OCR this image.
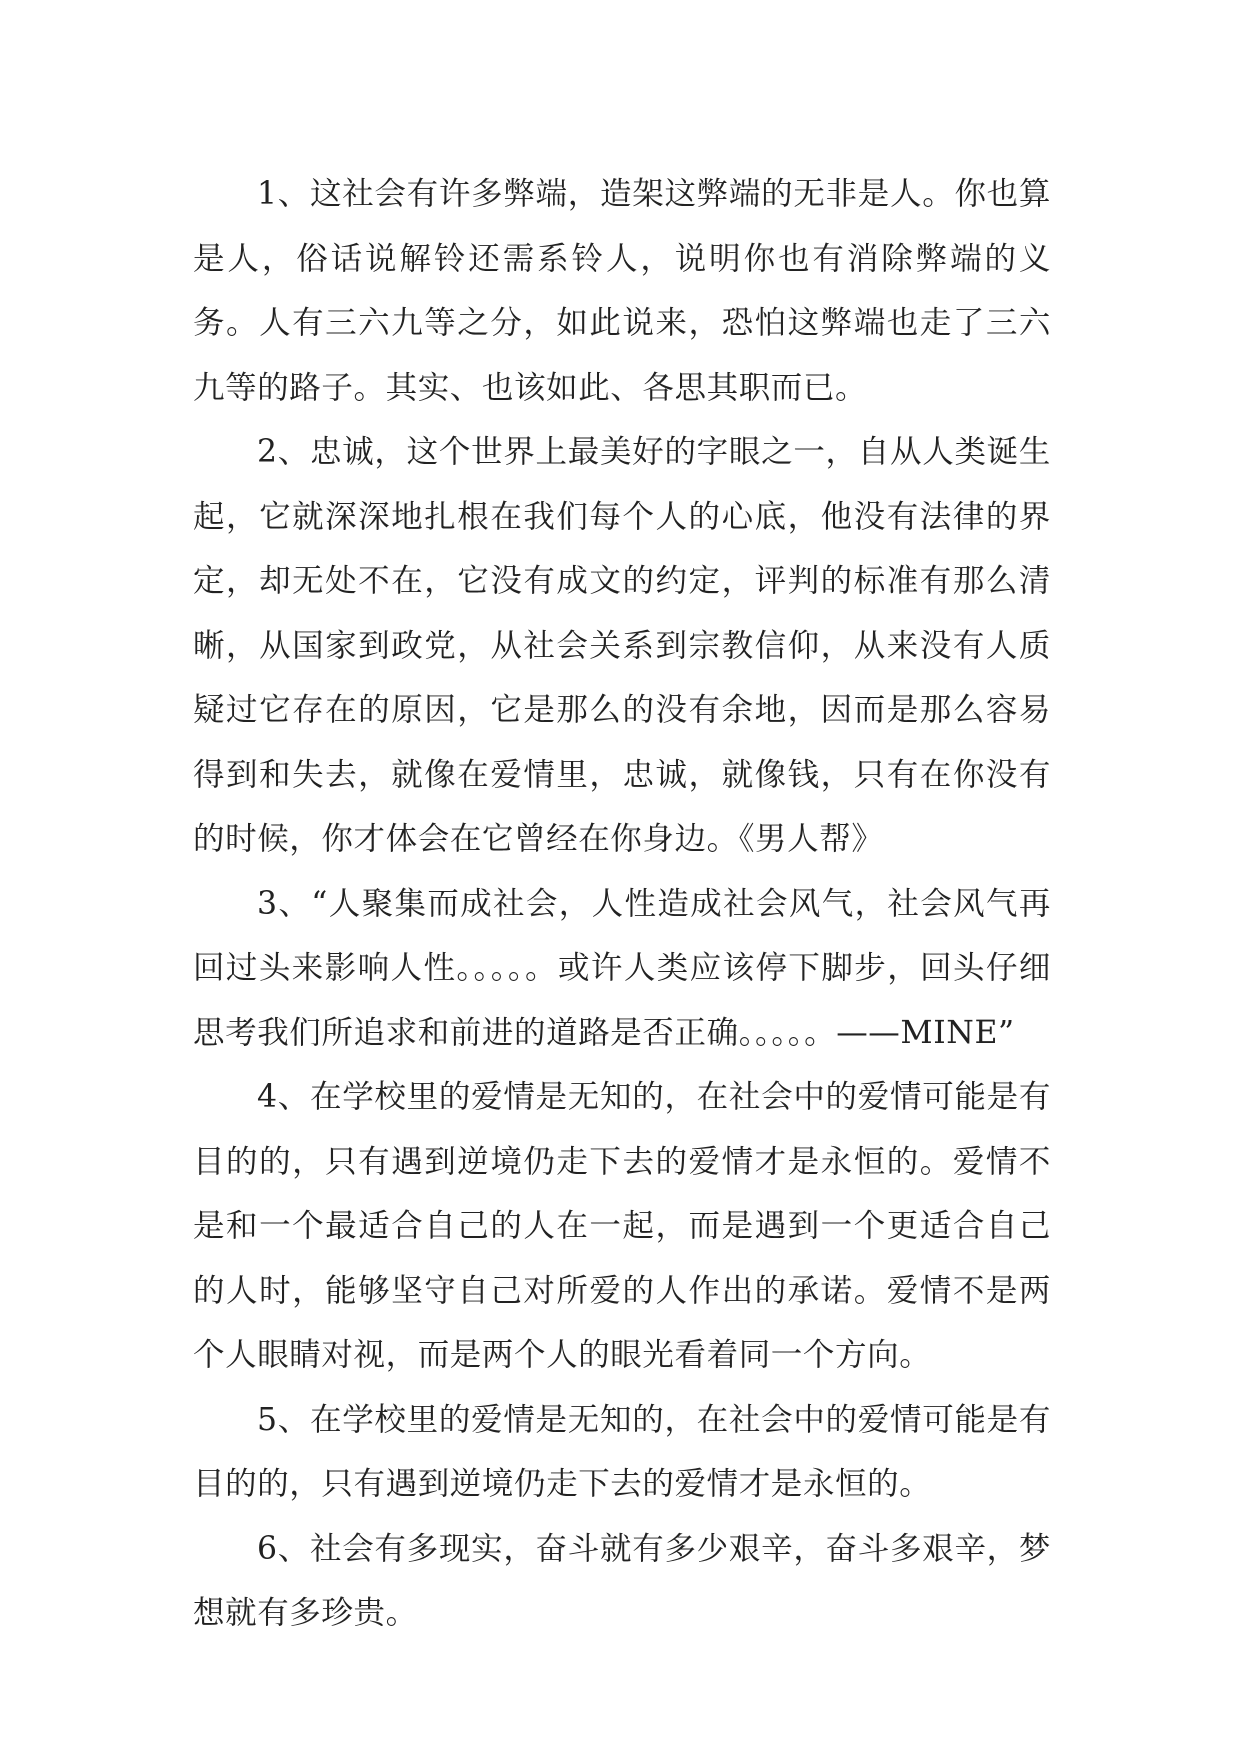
1、这社会有许多弊端，造架这弊端的无非是人。你也算是人，俗话说解铃还需系铃人，说明你也有消除弊端的义务。人有三六九等之分，如此说来，恐怕这弊端也走了三六九等的路子。其实、也该如此、各思其职而已。

2、忠诚，这个世界上最美好的字眼之一，自从人类诞生起，它就深深地扎根在我们每个人的心底，他没有法律的界定，却无处不在，它没有成文的约定，评判的标准有那么清晰，从国家到政党，从社会关系到宗教信仰，从来没有人质疑过它存在的原因，它是那么的没有余地，因而是那么容易得到和失去，就像在爱情里，忠诚，就像钱，只有在你没有的时候，你才体会在它曾经在你身边。《男人帮》

3、“人聚集而成社会，人性造成社会风气，社会风气再回过头来影响人性。。。。。或许人类应该停下脚步，回头仔细思考我们所追求和前进的道路是否正确。。。。。——MINE”

4、在学校里的爱情是无知的，在社会中的爱情可能是有目的的，只有遇到逆境仍走下去的爱情才是永恒的。爱情不是和一个最适合自己的人在一起，而是遇到一个更适合自己的人时，能够坚守自己对所爱的人作出的承诺。爱情不是两个人眼睛对视，而是两个人的眼光看着同一个方向。

5、在学校里的爱情是无知的，在社会中的爱情可能是有目的的，只有遇到逆境仍走下去的爱情才是永恒的。

6、社会有多现实，奋斗就有多少艰辛，奋斗多艰辛，梦想就有多珍贵。
